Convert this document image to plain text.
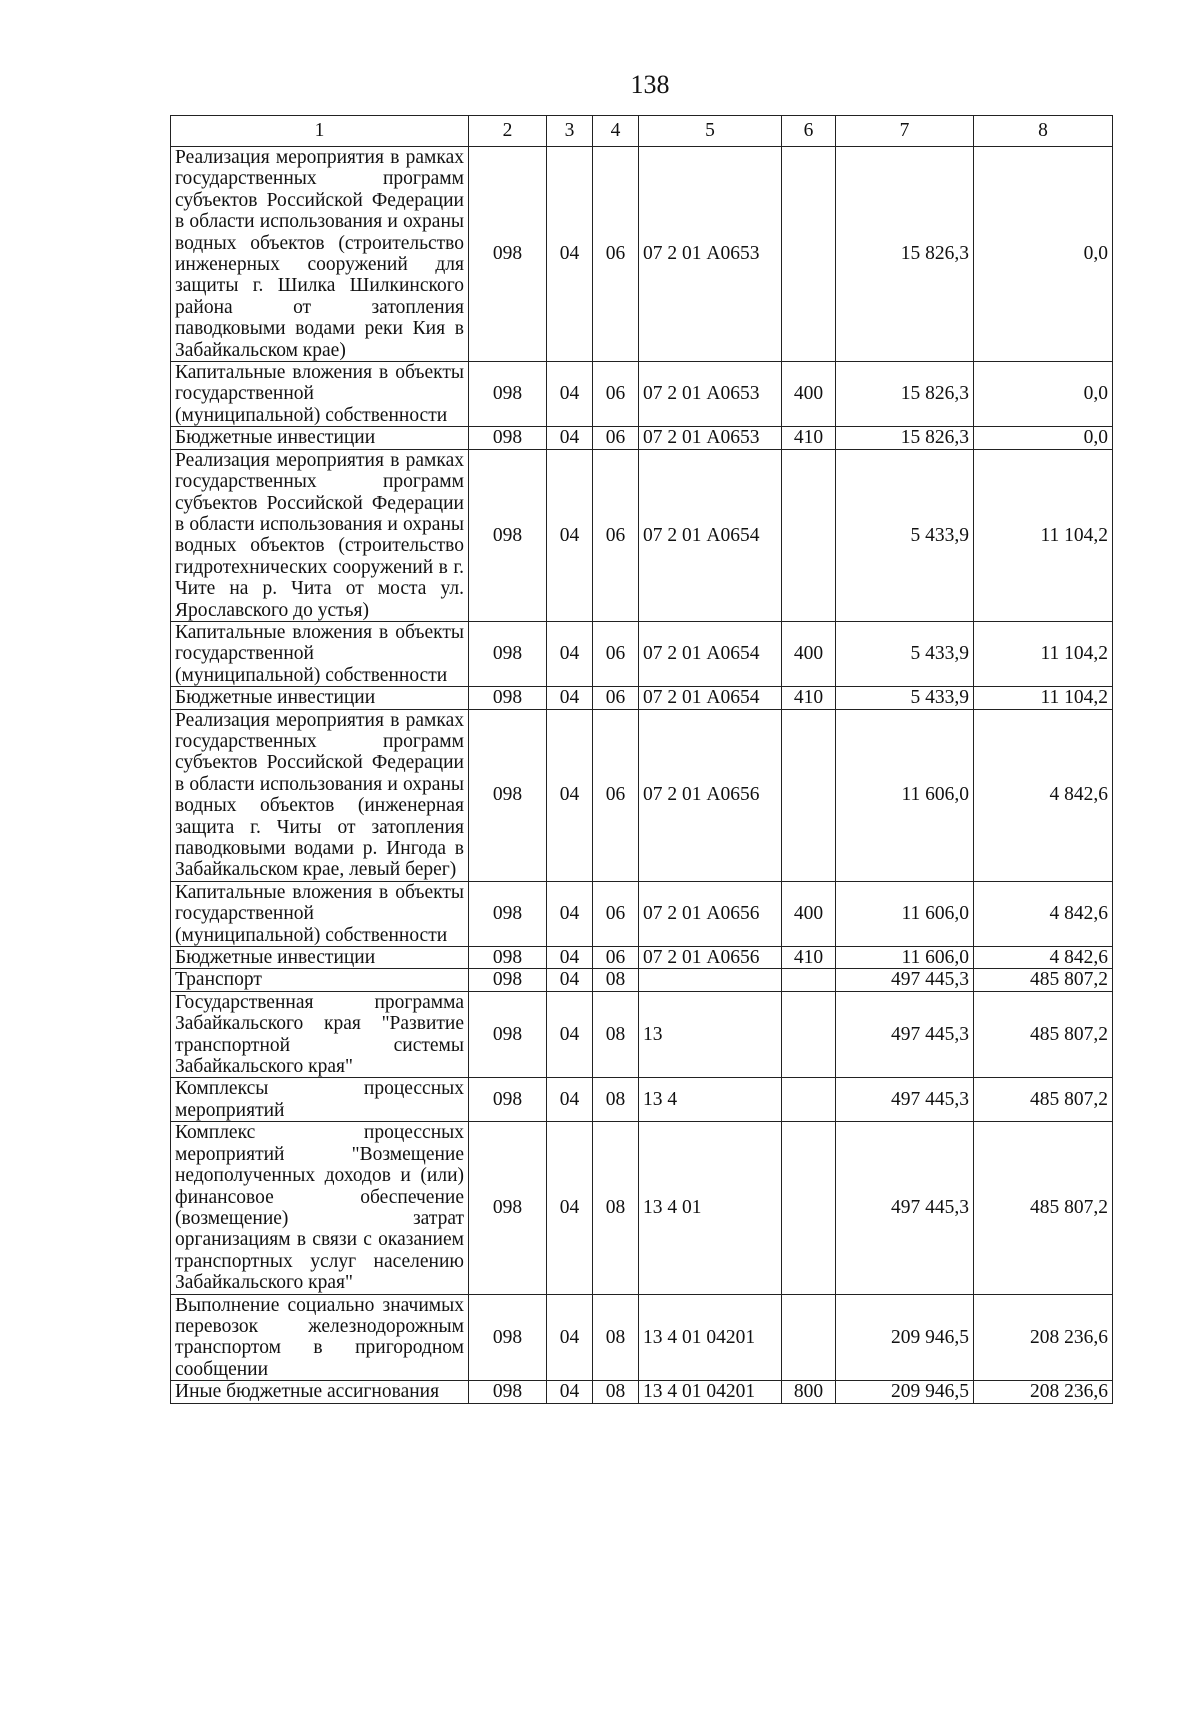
138
1	2	3	4	5	6	7	8
Реализация мероприятия в рамках государственных программ субъектов Российской Федерации в области использования и охраны водных объектов (строительство инженерных сооружений для защиты г. Шилка Шилкинского района от затопления паводковыми водами реки Кия в Забайкальском крае)	098	04	06	07 2 01 А0653		15 826,3	0,0
Капитальные вложения в объекты государственной (муниципальной) собственности	098	04	06	07 2 01 А0653	400	15 826,3	0,0
Бюджетные инвестиции	098	04	06	07 2 01 А0653	410	15 826,3	0,0
Реализация мероприятия в рамках государственных программ субъектов Российской Федерации в области использования и охраны водных объектов (строительство гидротехнических сооружений в г. Чите на р. Чита от моста ул. Ярославского до устья)	098	04	06	07 2 01 А0654		5 433,9	11 104,2
Капитальные вложения в объекты государственной (муниципальной) собственности	098	04	06	07 2 01 А0654	400	5 433,9	11 104,2
Бюджетные инвестиции	098	04	06	07 2 01 А0654	410	5 433,9	11 104,2
Реализация мероприятия в рамках государственных программ субъектов Российской Федерации в области использования и охраны водных объектов (инженерная защита г. Читы от затопления паводковыми водами р. Ингода в Забайкальском крае, левый берег)	098	04	06	07 2 01 А0656		11 606,0	4 842,6
Капитальные вложения в объекты государственной (муниципальной) собственности	098	04	06	07 2 01 А0656	400	11 606,0	4 842,6
Бюджетные инвестиции	098	04	06	07 2 01 А0656	410	11 606,0	4 842,6
Транспорт	098	04	08			497 445,3	485 807,2
Государственная программа Забайкальского края "Развитие транспортной системы Забайкальского края"	098	04	08	13		497 445,3	485 807,2
Комплексы процессных мероприятий	098	04	08	13 4		497 445,3	485 807,2
Комплекс процессных мероприятий "Возмещение недополученных доходов и (или) финансовое обеспечение (возмещение) затрат организациям в связи с оказанием транспортных услуг населению Забайкальского края"	098	04	08	13 4 01		497 445,3	485 807,2
Выполнение социально значимых перевозок железнодорожным транспортом в пригородном сообщении	098	04	08	13 4 01 04201		209 946,5	208 236,6
Иные бюджетные ассигнования	098	04	08	13 4 01 04201	800	209 946,5	208 236,6
